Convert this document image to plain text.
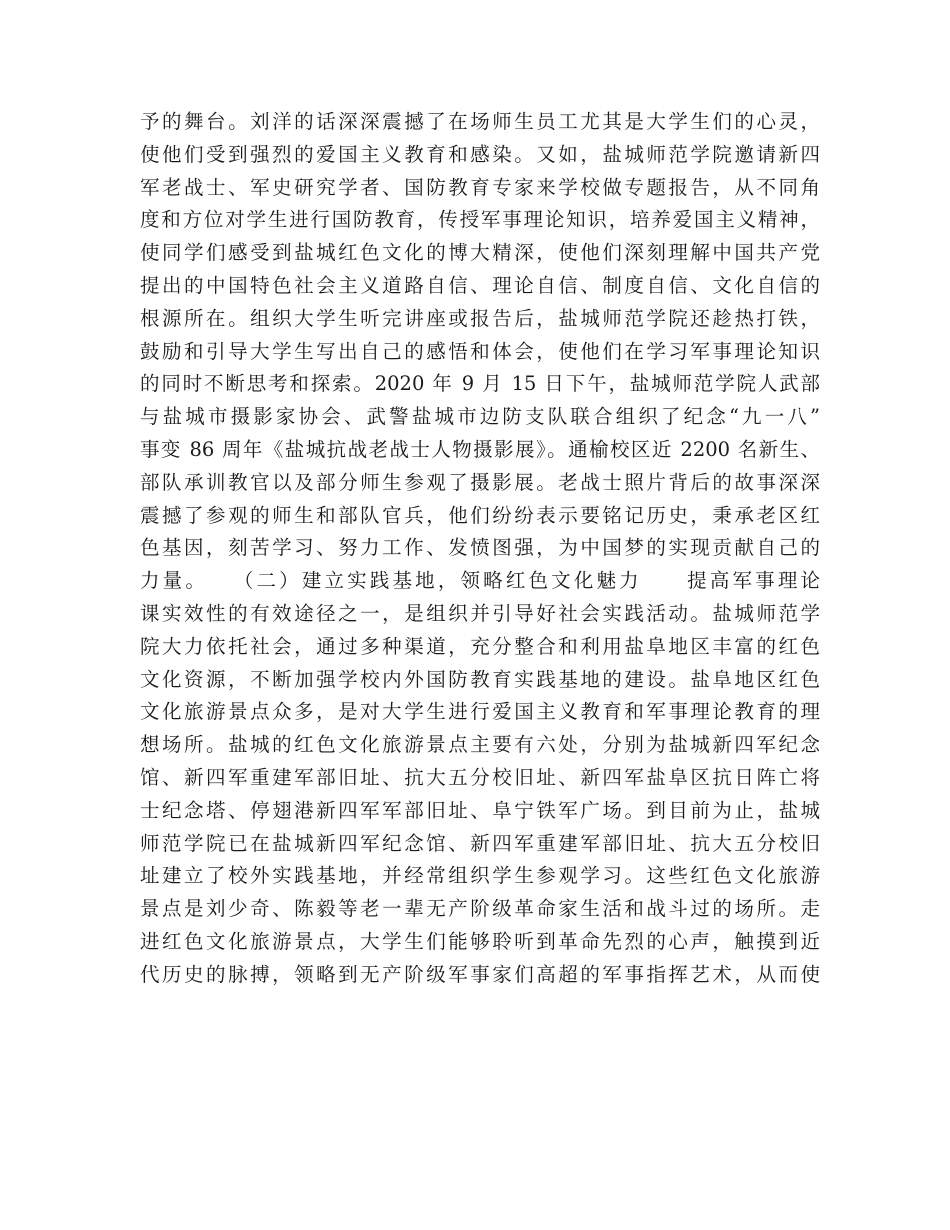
予的舞台。刘洋的话深深震撼了在场师生员工尤其是大学生们的心灵，
使他们受到强烈的爱国主义教育和感染。又如，盐城师范学院邀请新四
军老战士、军史研究学者、国防教育专家来学校做专题报告，从不同角
度和方位对学生进行国防教育，传授军事理论知识，培养爱国主义精神，
使同学们感受到盐城红色文化的博大精深，使他们深刻理解中国共产党
提出的中国特色社会主义道路自信、理论自信、制度自信、文化自信的
根源所在。组织大学生听完讲座或报告后，盐城师范学院还趁热打铁，
鼓励和引导大学生写出自己的感悟和体会，使他们在学习军事理论知识
的同时不断思考和探索。2020 年 9 月 15 日下午，盐城师范学院人武部
与盐城市摄影家协会、武警盐城市边防支队联合组织了纪念“九一八”
事变 86 周年《盐城抗战老战士人物摄影展》。通榆校区近 2200 名新生、
部队承训教官以及部分师生参观了摄影展。老战士照片背后的故事深深
震撼了参观的师生和部队官兵，他们纷纷表示要铭记历史，秉承老区红
色基因，刻苦学习、努力工作、发愤图强，为中国梦的实现贡献自己的
力量。　　（二）建立实践基地，领略红色文化魅力　　提高军事理论
课实效性的有效途径之一，是组织并引导好社会实践活动。盐城师范学
院大力依托社会，通过多种渠道，充分整合和利用盐阜地区丰富的红色
文化资源，不断加强学校内外国防教育实践基地的建设。盐阜地区红色
文化旅游景点众多，是对大学生进行爱国主义教育和军事理论教育的理
想场所。盐城的红色文化旅游景点主要有六处，分别为盐城新四军纪念
馆、新四军重建军部旧址、抗大五分校旧址、新四军盐阜区抗日阵亡将
士纪念塔、停翅港新四军军部旧址、阜宁铁军广场。到目前为止，盐城
师范学院已在盐城新四军纪念馆、新四军重建军部旧址、抗大五分校旧
址建立了校外实践基地，并经常组织学生参观学习。这些红色文化旅游
景点是刘少奇、陈毅等老一辈无产阶级革命家生活和战斗过的场所。走
进红色文化旅游景点，大学生们能够聆听到革命先烈的心声，触摸到近
代历史的脉搏，领略到无产阶级军事家们高超的军事指挥艺术，从而使
